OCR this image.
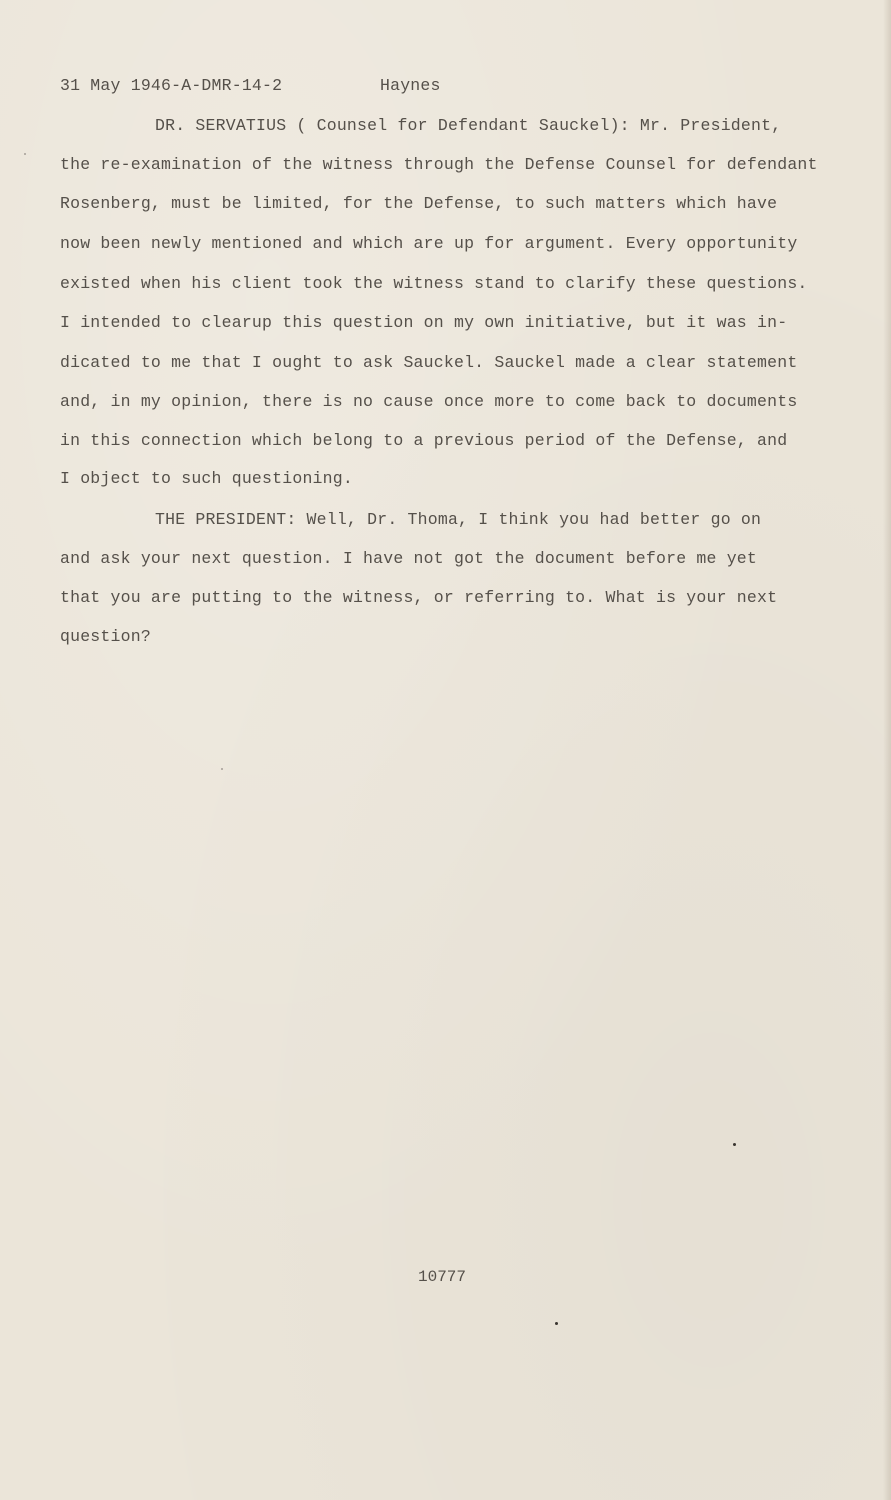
31 May 1946-A-DMR-14-2	Haynes
DR. SERVATIUS ( Counsel for Defendant Sauckel): Mr. President,
the re-examination of the witness through the Defense Counsel for defendant
Rosenberg, must be limited, for the Defense, to such matters which have
now been newly mentioned and which are up for argument. Every opportunity
existed when his client took the witness stand to clarify these questions.
I intended to clearup this question on my own initiative, but it was in-
dicated to me that I ought to ask Sauckel. Sauckel made a clear statement
and, in my opinion, there is no cause once more to come back to documents
in this connection which belong to a previous period of the Defense, and
I object to such questioning.
THE PRESIDENT: Well, Dr. Thoma, I think you had better go on
and ask your next question. I have not got the document before me yet
that you are putting to the witness, or referring to. What is your next
question?
10777
